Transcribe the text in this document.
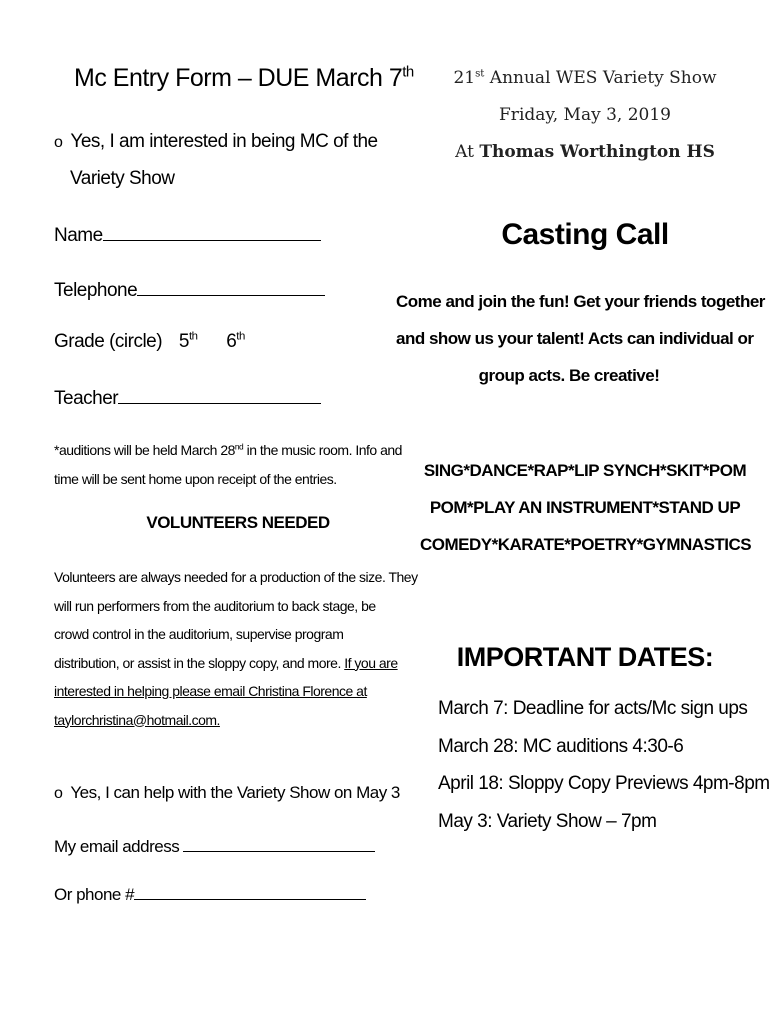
Mc Entry Form – DUE March 7th
o Yes, I am interested in being MC of the
Variety Show
Name
Telephone
Grade (circle) 5th 6th
Teacher
*auditions will be held March 28nd in the music room. Info and
time will be sent home upon receipt of the entries.
VOLUNTEERS NEEDED
Volunteers are always needed for a production of the size. They
will run performers from the auditorium to back stage, be
crowd control in the auditorium, supervise program
distribution, or assist in the sloppy copy, and more. If you are
interested in helping please email Christina Florence at
taylorchristina@hotmail.com.
o Yes, I can help with the Variety Show on May 3
My email address
Or phone #
21st Annual WES Variety Show
Friday, May 3, 2019
At Thomas Worthington HS
Casting Call
Come and join the fun! Get your friends together
and show us your talent! Acts can individual or
group acts. Be creative!
SING*DANCE*RAP*LIP SYNCH*SKIT*POM
POM*PLAY AN INSTRUMENT*STAND UP
COMEDY*KARATE*POETRY*GYMNASTICS
IMPORTANT DATES:
March 7: Deadline for acts/Mc sign ups
March 28: MC auditions 4:30-6
April 18: Sloppy Copy Previews 4pm-8pm
May 3: Variety Show – 7pm
